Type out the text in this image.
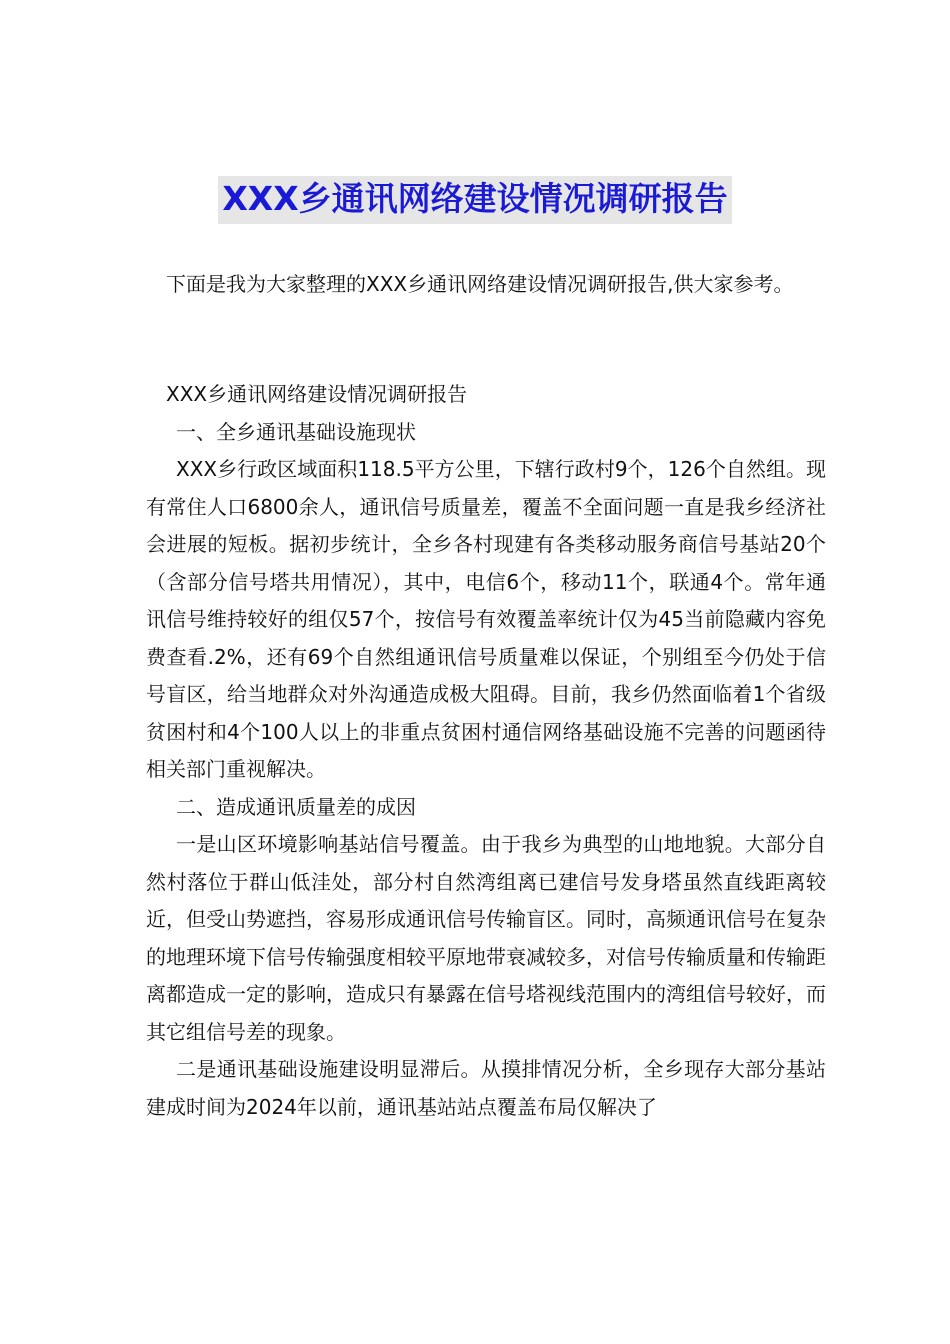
XXX乡通讯网络建设情况调研报告

下面是我为大家整理的XXX乡通讯网络建设情况调研报告,供大家参考。

XXX乡通讯网络建设情况调研报告

一、全乡通讯基础设施现状

XXX乡行政区域面积118.5平方公里，下辖行政村9个，126个自然组。现有常住人口6800余人，通讯信号质量差，覆盖不全面问题一直是我乡经济社会进展的短板。据初步统计，全乡各村现建有各类移动服务商信号基站20个（含部分信号塔共用情况），其中，电信6个，移动11个，联通4个。常年通讯信号维持较好的组仅57个，按信号有效覆盖率统计仅为45当前隐藏内容免费查看.2%，还有69个自然组通讯信号质量难以保证，个别组至今仍处于信号盲区，给当地群众对外沟通造成极大阻碍。目前，我乡仍然面临着1个省级贫困村和4个100人以上的非重点贫困村通信网络基础设施不完善的问题函待相关部门重视解决。

二、造成通讯质量差的成因

一是山区环境影响基站信号覆盖。由于我乡为典型的山地地貌。大部分自然村落位于群山低洼处，部分村自然湾组离已建信号发身塔虽然直线距离较近，但受山势遮挡，容易形成通讯信号传输盲区。同时，高频通讯信号在复杂的地理环境下信号传输强度相较平原地带衰减较多，对信号传输质量和传输距离都造成一定的影响，造成只有暴露在信号塔视线范围内的湾组信号较好，而其它组信号差的现象。

二是通讯基础设施建设明显滞后。从摸排情况分析，全乡现存大部分基站建成时间为2024年以前，通讯基站站点覆盖布局仅解决了
